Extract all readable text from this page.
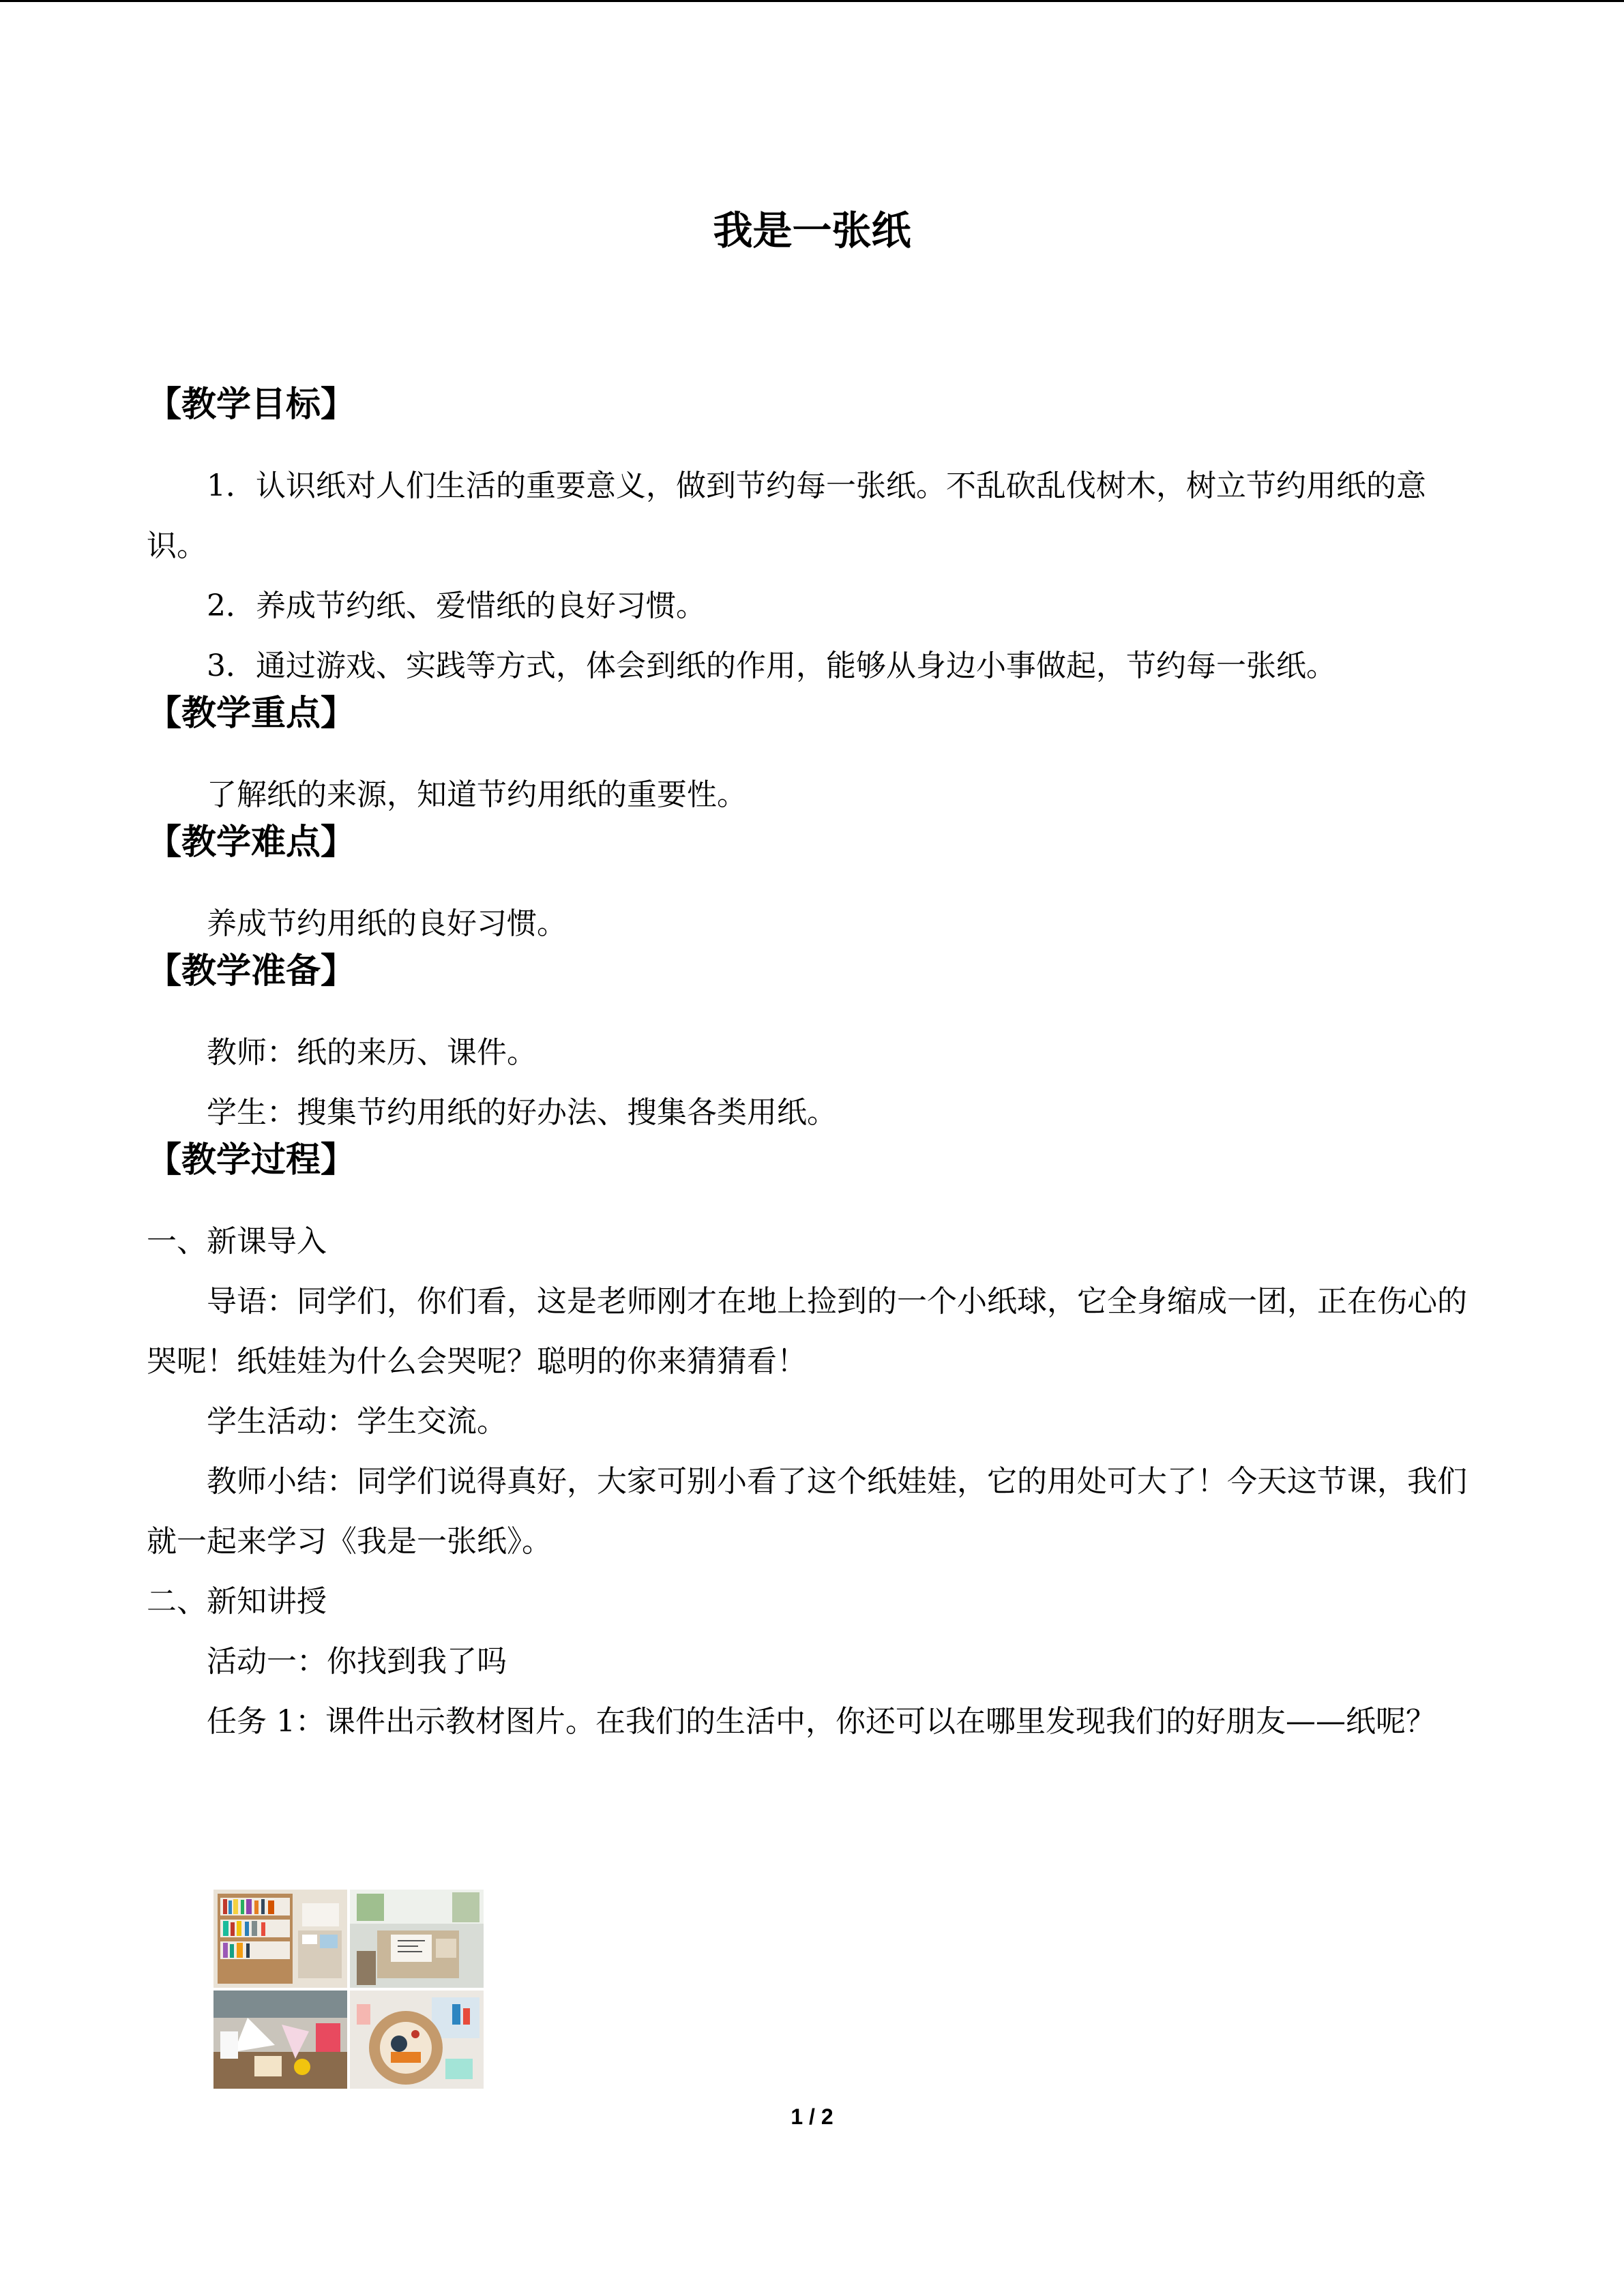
我是一张纸
【教学目标】

1．认识纸对人们生活的重要意义，做到节约每一张纸。不乱砍乱伐树木，树立节约用纸的意识。

2．养成节约纸、爱惜纸的良好习惯。

3．通过游戏、实践等方式，体会到纸的作用，能够从身边小事做起，节约每一张纸。

【教学重点】

了解纸的来源，知道节约用纸的重要性。

【教学难点】

养成节约用纸的良好习惯。

【教学准备】

教师：纸的来历、课件。

学生：搜集节约用纸的好办法、搜集各类用纸。

【教学过程】

一、新课导入

导语：同学们，你们看，这是老师刚才在地上捡到的一个小纸球，它全身缩成一团，正在伤心的哭呢！纸娃娃为什么会哭呢？聪明的你来猜猜看！

学生活动：学生交流。

教师小结：同学们说得真好，大家可别小看了这个纸娃娃，它的用处可大了！今天这节课，我们就一起来学习《我是一张纸》。

二、新知讲授

活动一：你找到我了吗

任务 1：课件出示教材图片。在我们的生活中，你还可以在哪里发现我们的好朋友——纸呢？

1 / 2
